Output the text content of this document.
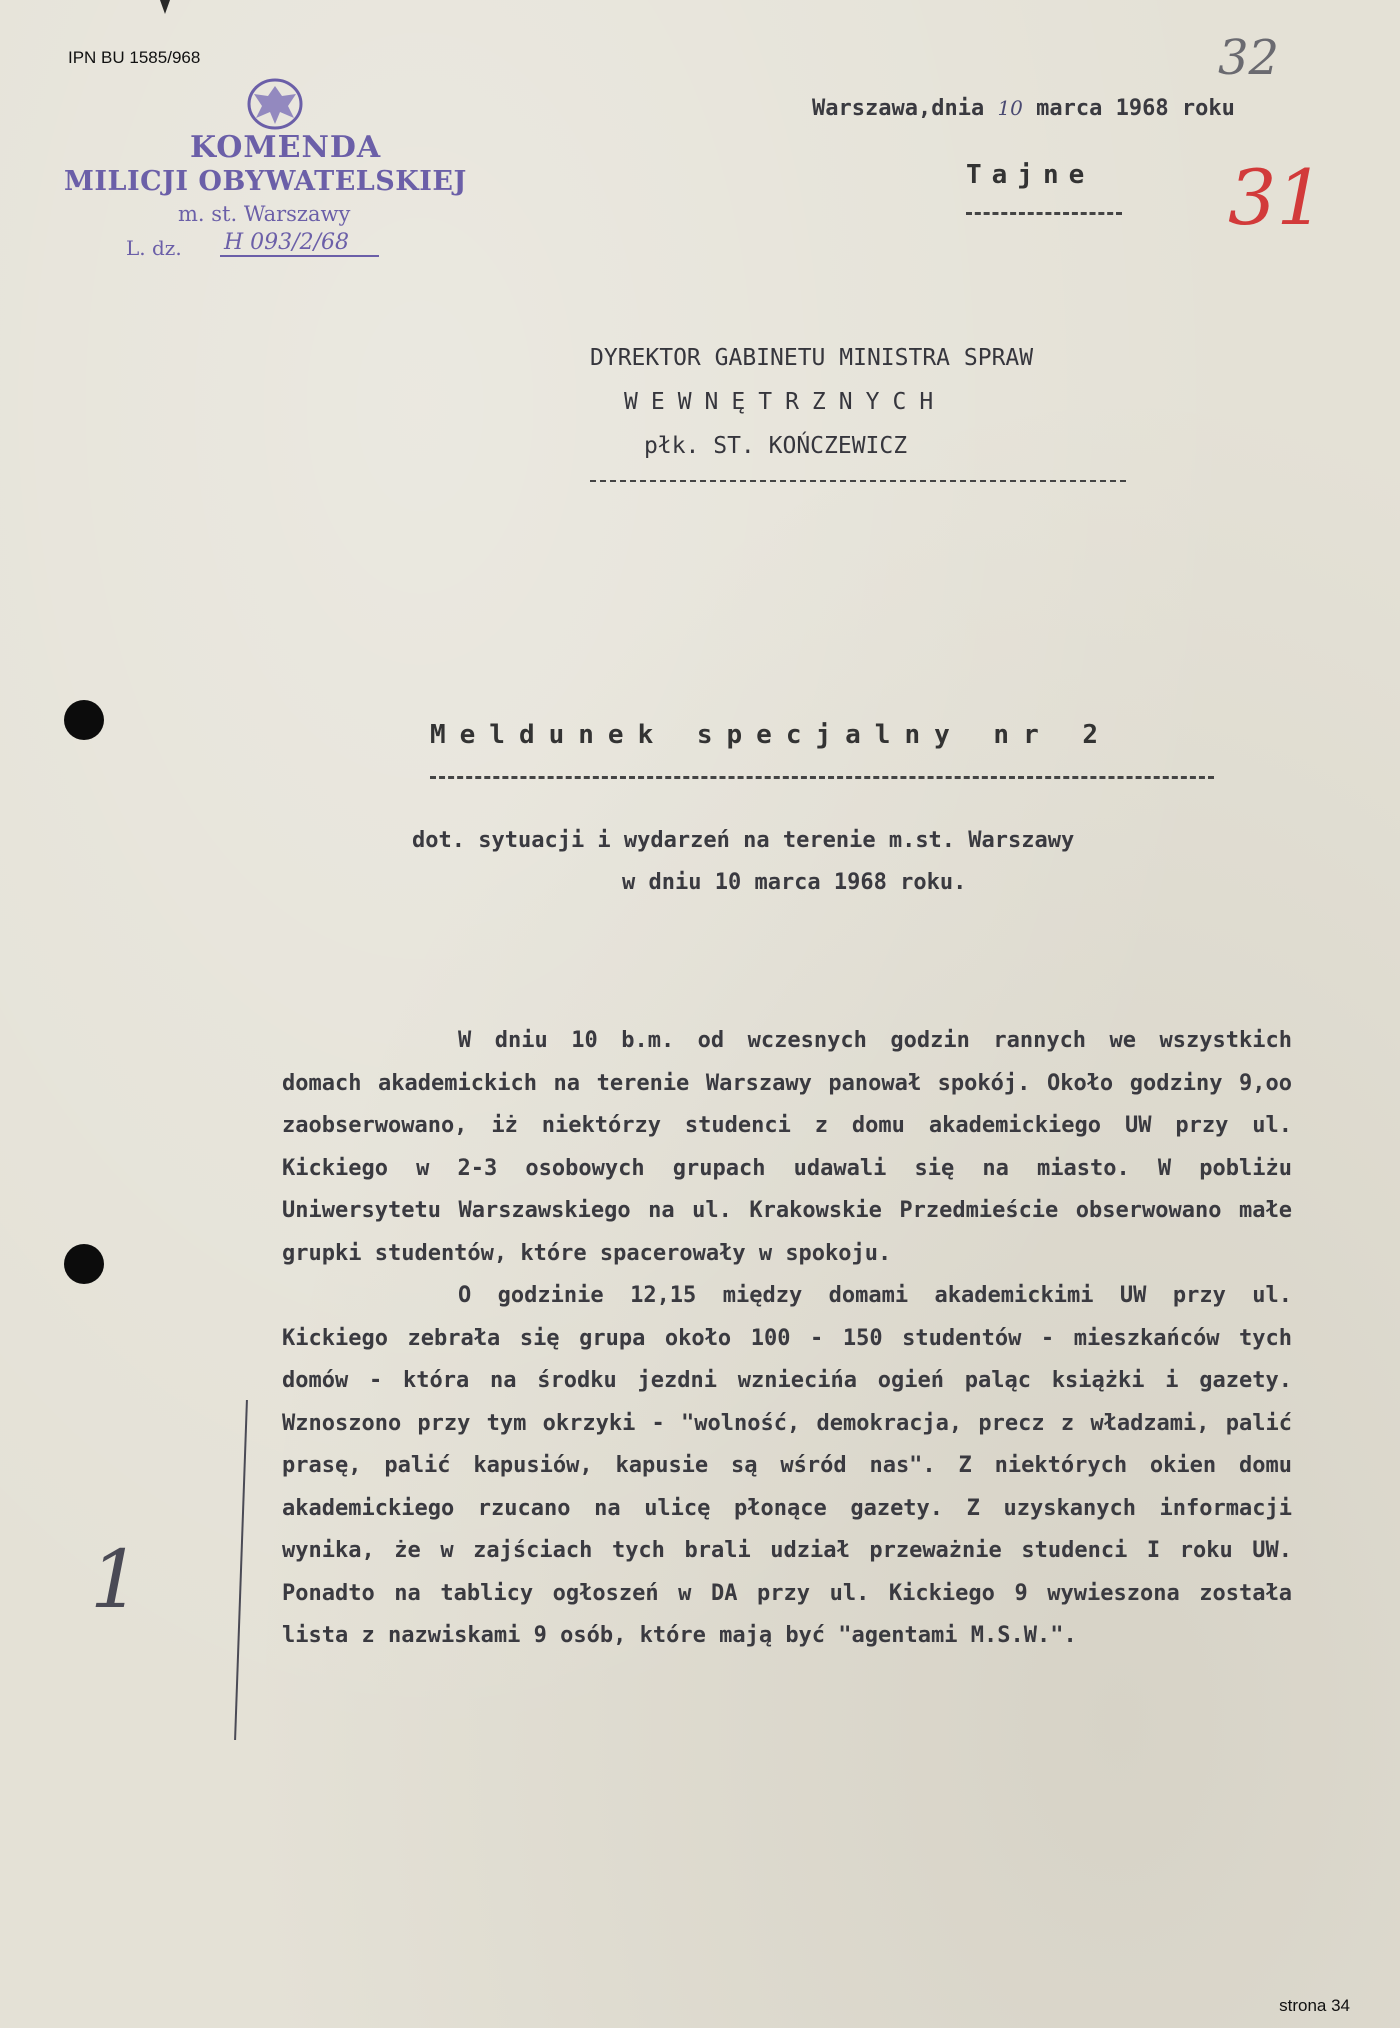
IPN BU 1585/968
KOMENDA
MILICJI OBYWATELSKIEJ
m. st. Warszawy
L. dz. H 093/2/68
32
31
Warszawa,dnia 10 marca 1968 roku
Tajne
DYREKTOR GABINETU MINISTRA SPRAW
WEWNĘTRZNYCH
płk. ST. KOŃCZEWICZ
Meldunek specjalny nr 2
dot. sytuacji i wydarzeń na terenie m.st. Warszawy
w dniu 10 marca 1968 roku.

W dniu 10 b.m. od wczesnych godzin rannych we wszystkich domach akademickich na terenie Warszawy panował spokój. Około godziny 9,oo zaobserwowano, iż niektórzy studenci z domu akademickiego UW przy ul. Kickiego w 2-3 osobowych grupach udawali się na miasto. W pobliżu Uniwersytetu Warszawskiego na ul. Krakowskie Przedmieście obserwowano małe grupki studentów, które spacerowały w spokoju.

O godzinie 12,15 między domami akademickimi UW przy ul. Kickiego zebrała się grupa około 100 - 150 studentów - mieszkańców tych domów - która na środku jezdni wzniecińa ogień paląc książki i gazety. Wznoszono przy tym okrzyki - "wolność, demokracja, precz z władzami, palić prasę, palić kapusiów, kapusie są wśród nas". Z niektórych okien domu akademickiego rzucano na ulicę płonące gazety. Z uzyskanych informacji wynika, że w zajściach tych brali udział przeważnie studenci I roku UW. Ponadto na tablicy ogłoszeń w DA przy ul. Kickiego 9 wywieszona została lista z nazwiskami 9 osób, które mają być "agentami M.S.W.".

1
strona 34
